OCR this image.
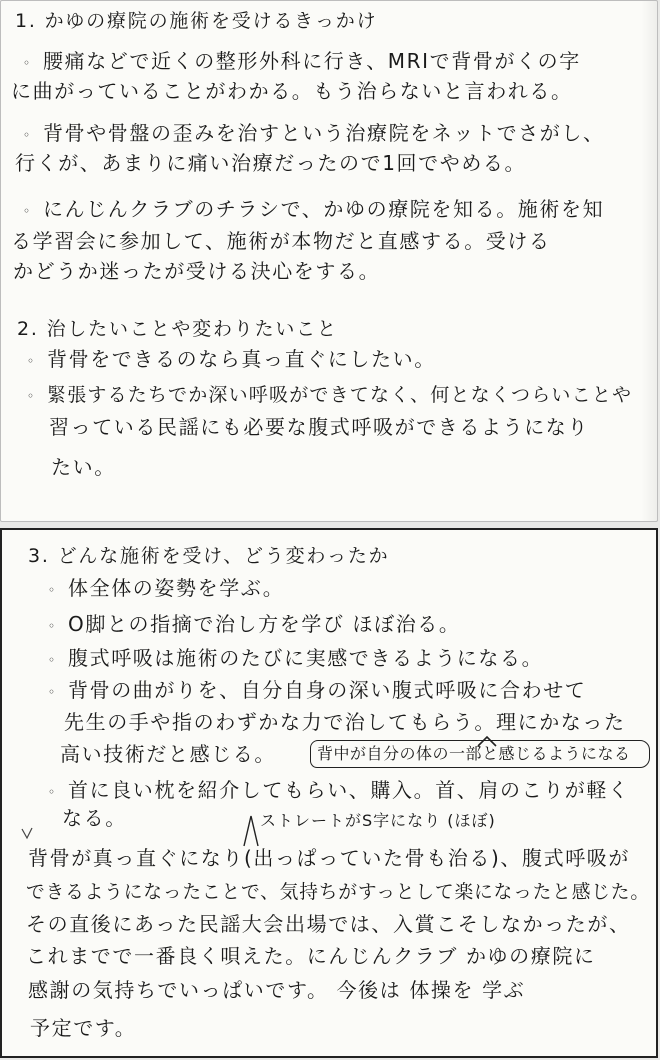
1. かゆの療院の施術を受けるきっかけ
◦ 腰痛などで近くの整形外科に行き、MRIで背骨がくの字
に曲がっていることがわかる。もう治らないと言われる。
◦ 背骨や骨盤の歪みを治すという治療院をネットでさがし、
行くが、あまりに痛い治療だったので1回でやめる。
◦ にんじんクラブのチラシで、かゆの療院を知る。施術を知
る学習会に参加して、施術が本物だと直感する。受ける
かどうか迷ったが受ける決心をする。
2. 治したいことや変わりたいこと
◦ 背骨をできるのなら真っ直ぐにしたい。
◦ 緊張するたちでか深い呼吸ができてなく、何となくつらいことや
習っている民謡にも必要な腹式呼吸ができるようになり
たい。
3. どんな施術を受け、どう変わったか
◦ 体全体の姿勢を学ぶ。
◦ O脚との指摘で治し方を学び ほぼ治る。
◦ 腹式呼吸は施術のたびに実感できるようになる。
◦ 背骨の曲がりを、自分自身の深い腹式呼吸に合わせて
先生の手や指のわずかな力で治してもらう。理にかなった
高い技術だと感じる。	背中が自分の体の一部と感じるようになる
◦ 首に良い枕を紹介してもらい、購入。首、肩のこりが軽く
なる。	ストレートがS字になり (ほぼ)
背骨が真っ直ぐになり(出っぱっていた骨も治る)、腹式呼吸が
できるようになったことで、気持ちがすっとして楽になったと感じた。
その直後にあった民謡大会出場では、入賞こそしなかったが、
これまでで一番良く唄えた。にんじんクラブ かゆの療院に
感謝の気持ちでいっぱいです。 今後は 体操を 学ぶ
予定です。
